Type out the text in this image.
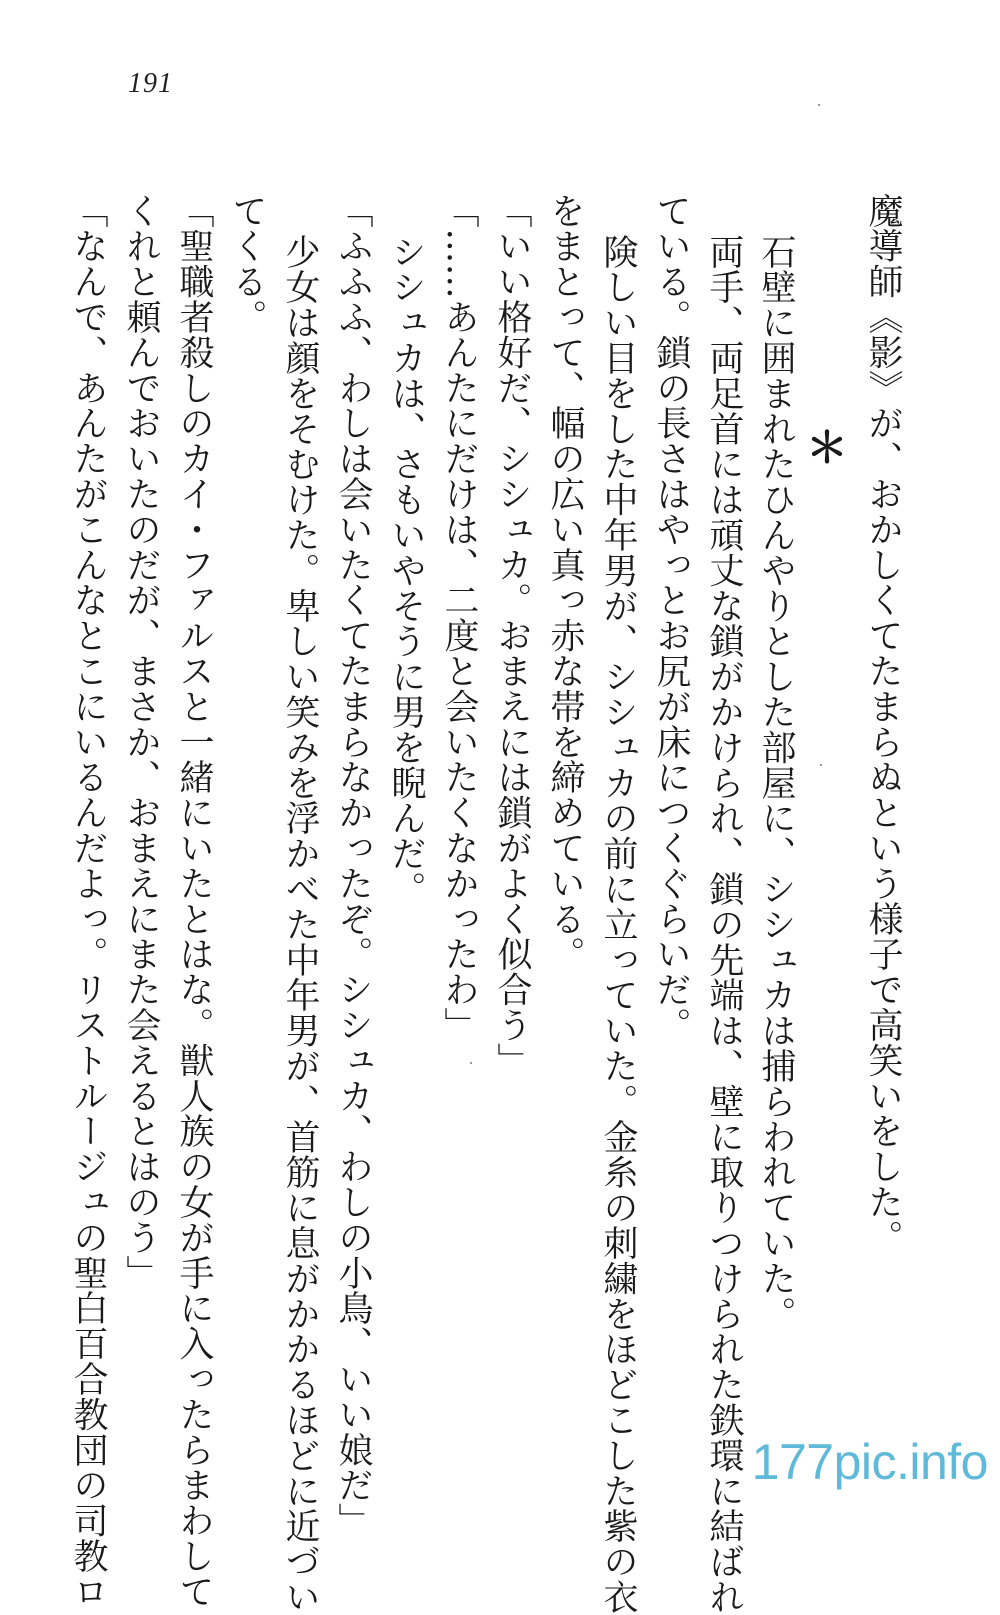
191
＊ 魔導師《影》が、おかしくてたまらぬという様子で高笑いをした。
石壁に囲まれたひんやりとした部屋に、シシュカは捕らわれていた。
両手、両足首には頑丈な鎖がかけられ、鎖の先端は、壁に取りつけられた鉄環に結ばれ
ている。鎖の長さはやっとお尻が床につくぐらいだ。
険しい目をした中年男が、シシュカの前に立っていた。金糸の刺繍をほどこした紫の衣
をまとって、幅の広い真っ赤な帯を締めている。
「いい格好だ、シシュカ。おまえには鎖がよく似合う」
「……あんたにだけは、二度と会いたくなかったわ」
シシュカは、さもいやそうに男を睨んだ。
「ふふふ、わしは会いたくてたまらなかったぞ。シシュカ、わしの小鳥、いい娘だ」
少女は顔をそむけた。卑しい笑みを浮かべた中年男が、首筋に息がかかるほどに近づい
てくる。
「聖職者殺しのカイ・ファルスと一緒にいたとはな。獣人族の女が手に入ったらまわして
くれと頼んでおいたのだが、まさか、おまえにまた会えるとはのう」
「なんで、あんたがこんなとこにいるんだよっ。リストルージュの聖白百合教団の司教ロ	177pic.info
